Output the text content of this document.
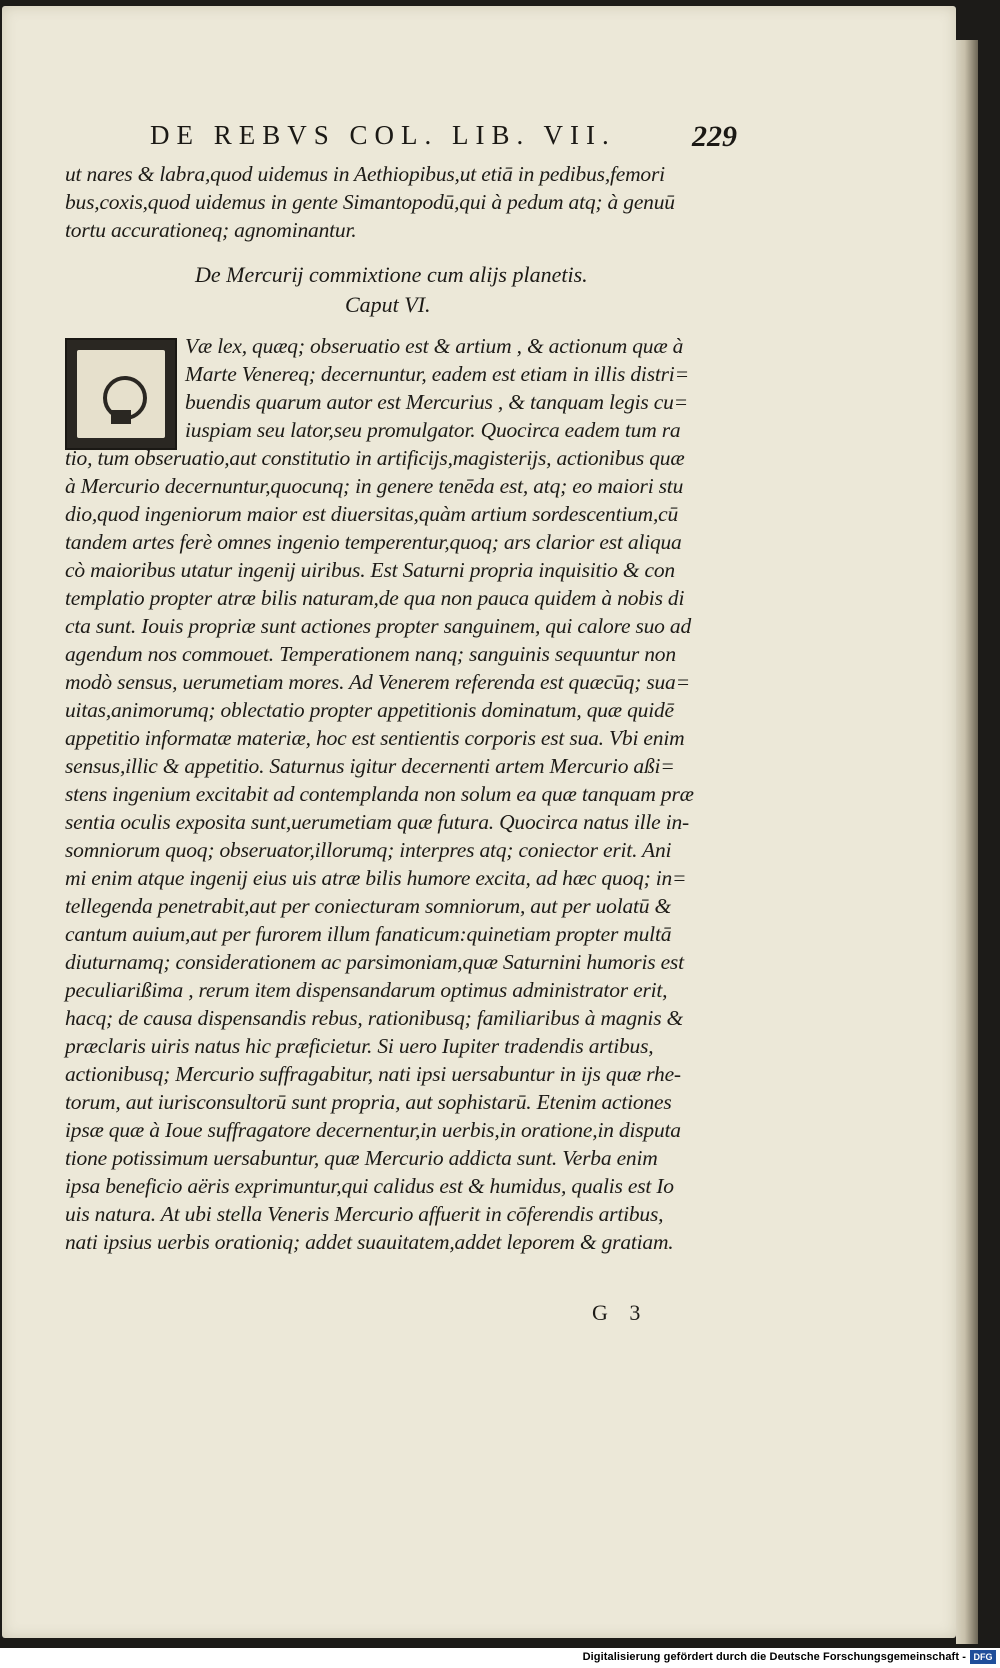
DE REBVS COL. LIB. VII.	229
ut nares & labra,quod uidemus in Aethiopibus,ut etiā in pedibus,femori
bus,coxis,quod uidemus in gente Simantopodū,qui à pedum atq; à genuū
tortu accurationeq; agnominantur.
De Mercurij commixtione cum alijs planetis.
Caput VI.
Væ lex, quæq; obseruatio est & artium , & actionum quæ à
Marte Venereq; decernuntur, eadem est etiam in illis distri=
buendis quarum autor est Mercurius , & tanquam legis cu=
iuspiam seu lator,seu promulgator. Quocirca eadem tum ra
tio, tum obseruatio,aut constitutio in artificijs,magisterijs, actionibus quæ
à Mercurio decernuntur,quocunq; in genere tenēda est, atq; eo maiori stu
dio,quod ingeniorum maior est diuersitas,quàm artium sordescentium,cū
tandem artes ferè omnes ingenio temperentur,quoq; ars clarior est aliqua
cò maioribus utatur ingenij uiribus. Est Saturni propria inquisitio & con
templatio propter atræ bilis naturam,de qua non pauca quidem à nobis di
cta sunt. Iouis propriæ sunt actiones propter sanguinem, qui calore suo ad
agendum nos commouet. Temperationem nanq; sanguinis sequuntur non
modò sensus, uerumetiam mores. Ad Venerem referenda est quæcūq; sua=
uitas,animorumq; oblectatio propter appetitionis dominatum, quæ quidē
appetitio informatæ materiæ, hoc est sentientis corporis est sua. Vbi enim
sensus,illic & appetitio. Saturnus igitur decernenti artem Mercurio aßi=
stens ingenium excitabit ad contemplanda non solum ea quæ tanquam præ
sentia oculis exposita sunt,uerumetiam quæ futura. Quocirca natus ille in-
somniorum quoq; obseruator,illorumq; interpres atq; coniector erit. Ani
mi enim atque ingenij eius uis atræ bilis humore excita, ad hæc quoq; in=
tellegenda penetrabit,aut per coniecturam somniorum, aut per uolatū &
cantum auium,aut per furorem illum fanaticum:quinetiam propter multā
diuturnamq; considerationem ac parsimoniam,quæ Saturnini humoris est
peculiarißima , rerum item dispensandarum optimus administrator erit,
hacq; de causa dispensandis rebus, rationibusq; familiaribus à magnis &
præclaris uiris natus hic præficietur. Si uero Iupiter tradendis artibus,
actionibusq; Mercurio suffragabitur, nati ipsi uersabuntur in ijs quæ rhe-
torum, aut iurisconsultorū sunt propria, aut sophistarū. Etenim actiones
ipsæ quæ à Ioue suffragatore decernentur,in uerbis,in oratione,in disputa
tione potissimum uersabuntur, quæ Mercurio addicta sunt. Verba enim
ipsa beneficio aëris exprimuntur,qui calidus est & humidus, qualis est Io
uis natura. At ubi stella Veneris Mercurio affuerit in cōferendis artibus,
nati ipsius uerbis orationiq; addet suauitatem,addet leporem & gratiam.
G 3
Digitalisierung gefördert durch die Deutsche Forschungsgemeinschaft - DFG
